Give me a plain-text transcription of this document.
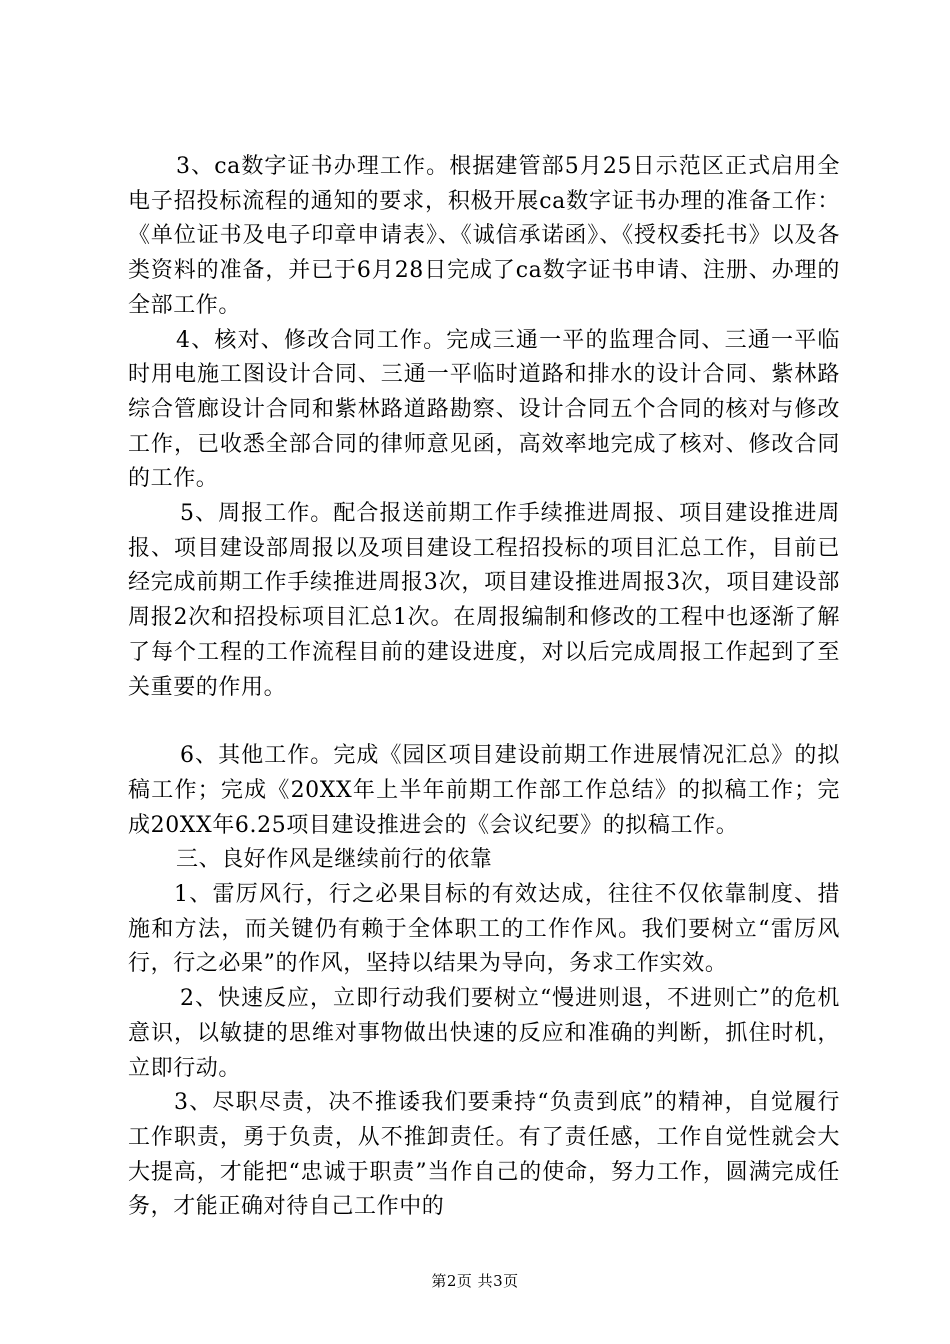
3、ca数字证书办理工作。根据建管部5月25日示范区正式启用全电子招投标流程的通知的要求，积极开展ca数字证书办理的准备工作：《单位证书及电子印章申请表》、《诚信承诺函》、《授权委托书》以及各类资料的准备，并已于6月28日完成了ca数字证书申请、注册、办理的全部工作。

4、核对、修改合同工作。完成三通一平的监理合同、三通一平临时用电施工图设计合同、三通一平临时道路和排水的设计合同、紫林路综合管廊设计合同和紫林路道路勘察、设计合同五个合同的核对与修改工作，已收悉全部合同的律师意见函，高效率地完成了核对、修改合同的工作。

5、周报工作。配合报送前期工作手续推进周报、项目建设推进周报、项目建设部周报以及项目建设工程招投标的项目汇总工作，目前已经完成前期工作手续推进周报3次，项目建设推进周报3次，项目建设部周报2次和招投标项目汇总1次。在周报编制和修改的工程中也逐渐了解了每个工程的工作流程目前的建设进度，对以后完成周报工作起到了至关重要的作用。

6、其他工作。完成《园区项目建设前期工作进展情况汇总》的拟稿工作；完成《20XX年上半年前期工作部工作总结》的拟稿工作；完成20XX年6.25项目建设推进会的《会议纪要》的拟稿工作。

三、良好作风是继续前行的依靠

1、雷厉风行，行之必果目标的有效达成，往往不仅依靠制度、措施和方法，而关键仍有赖于全体职工的工作作风。我们要树立“雷厉风行，行之必果”的作风，坚持以结果为导向，务求工作实效。

2、快速反应，立即行动我们要树立“慢进则退，不进则亡”的危机意识，以敏捷的思维对事物做出快速的反应和准确的判断，抓住时机，立即行动。

3、尽职尽责，决不推诿我们要秉持“负责到底”的精神，自觉履行工作职责，勇于负责，从不推卸责任。有了责任感，工作自觉性就会大大提高，才能把“忠诚于职责”当作自己的使命，努力工作，圆满完成任务，才能正确对待自己工作中的

第2页 共3页
